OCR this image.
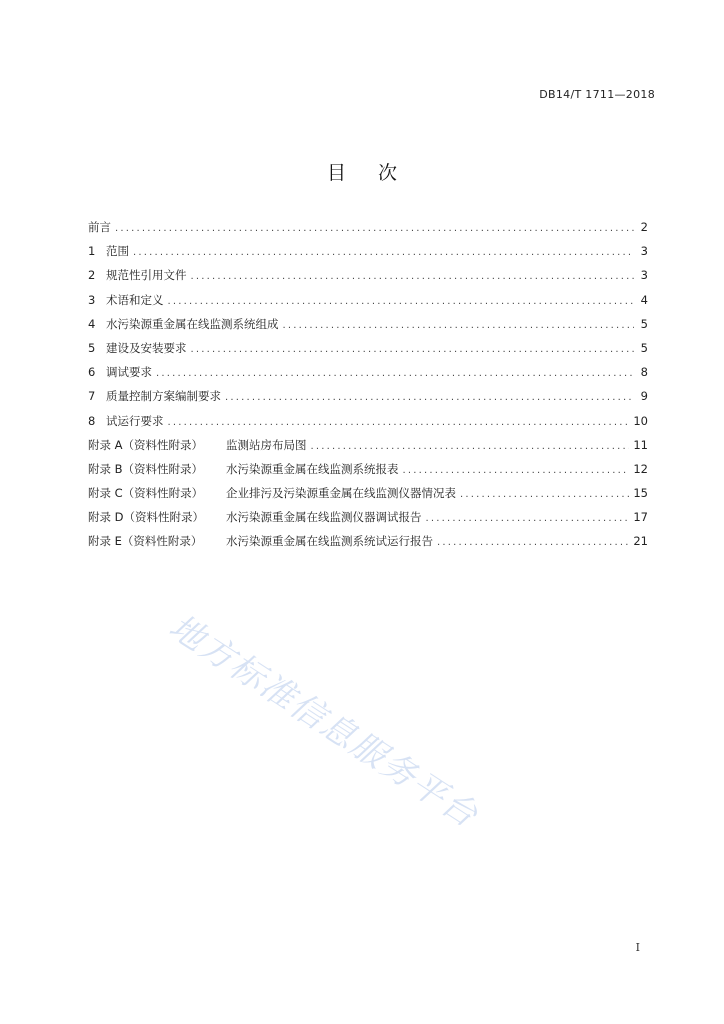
DB14/T 1711—2018
目次
前言 .....	2
1 范围 .....	3
2 规范性引用文件 .....	3
3 术语和定义 .....	4
4 水污染源重金属在线监测系统组成 .....	5
5 建设及安装要求 .....	5
6 调试要求 .....	8
7 质量控制方案编制要求 .....	9
8 试运行要求 .....	10
附录 A（资料性附录）	监测站房布局图 .....	11
附录 B（资料性附录）	水污染源重金属在线监测系统报表 .....	12
附录 C（资料性附录）	企业排污及污染源重金属在线监测仪器情况表 .....	15
附录 D（资料性附录）	水污染源重金属在线监测仪器调试报告 .....	17
附录 E（资料性附录）	水污染源重金属在线监测系统试运行报告 .....	21
地方标准信息服务平台
I
